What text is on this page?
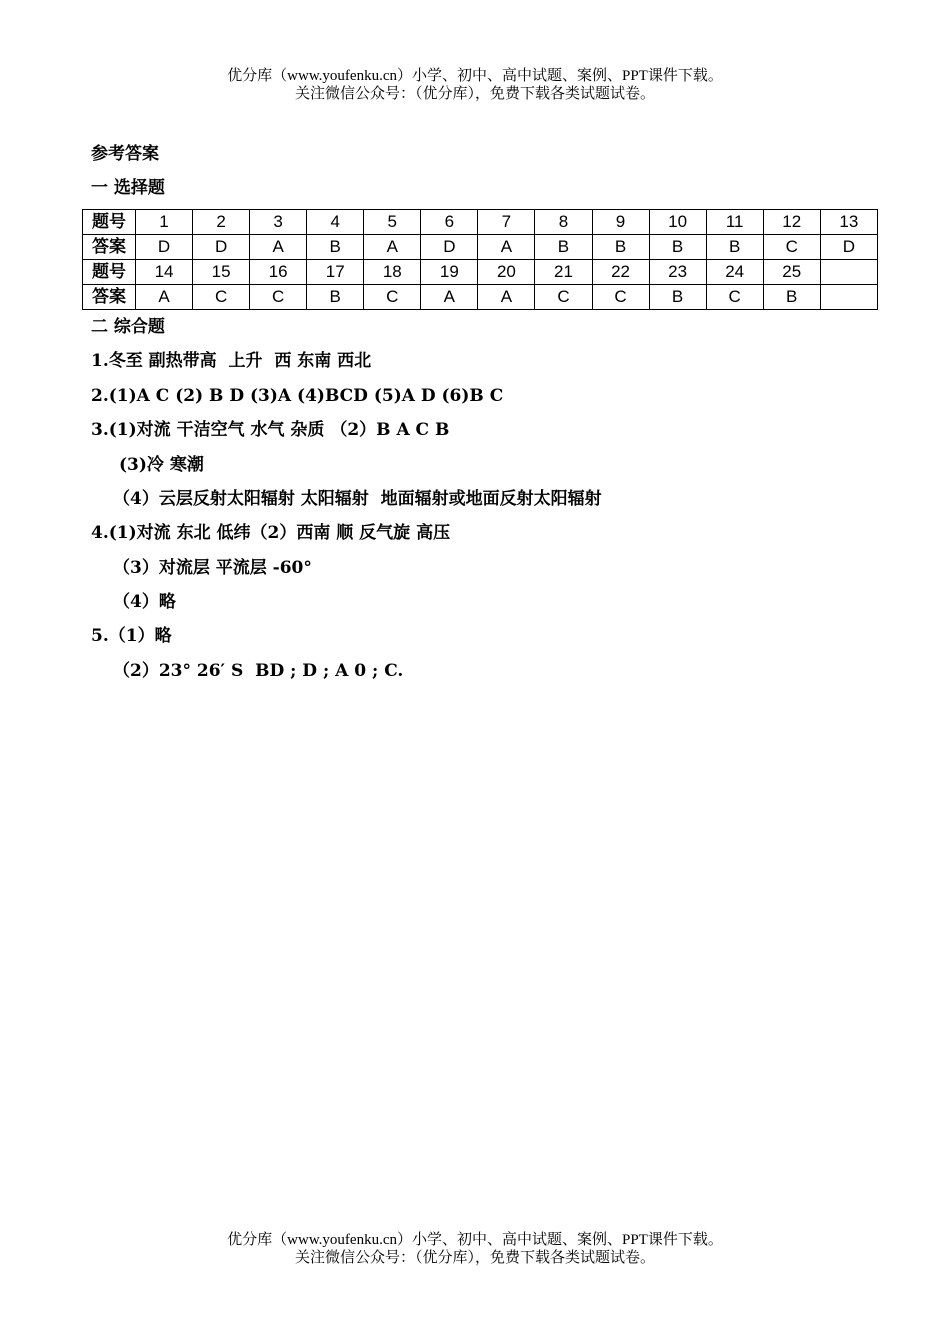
优分库（www.youfenku.cn）小学、初中、高中试题、案例、PPT课件下载。
关注微信公众号：（优分库），免费下载各类试题试卷。
参考答案
一 选择题
题号	1	2	3	4	5	6	7	8	9	10	11	12	13
答案	D	D	A	B	A	D	A	B	B	B	B	C	D
题号	14	15	16	17	18	19	20	21	22	23	24	25	
答案	A	C	C	B	C	A	A	C	C	B	C	B	
二 综合题
1.冬至 副热带高  上升  西 东南 西北
2.(1)A C (2) B D (3)A (4)BCD (5)A D (6)B C
3.(1)对流 干洁空气 水气 杂质 （2）B A C B
(3)冷 寒潮
（4）云层反射太阳辐射 太阳辐射  地面辐射或地面反射太阳辐射
4.(1)对流 东北 低纬（2）西南 顺 反气旋 高压
（3）对流层 平流层 -60°
（4）略
5.（1）略
（2）23° 26′ S  BD ; D ; A 0 ; C.
优分库（www.youfenku.cn）小学、初中、高中试题、案例、PPT课件下载。
关注微信公众号：（优分库），免费下载各类试题试卷。
